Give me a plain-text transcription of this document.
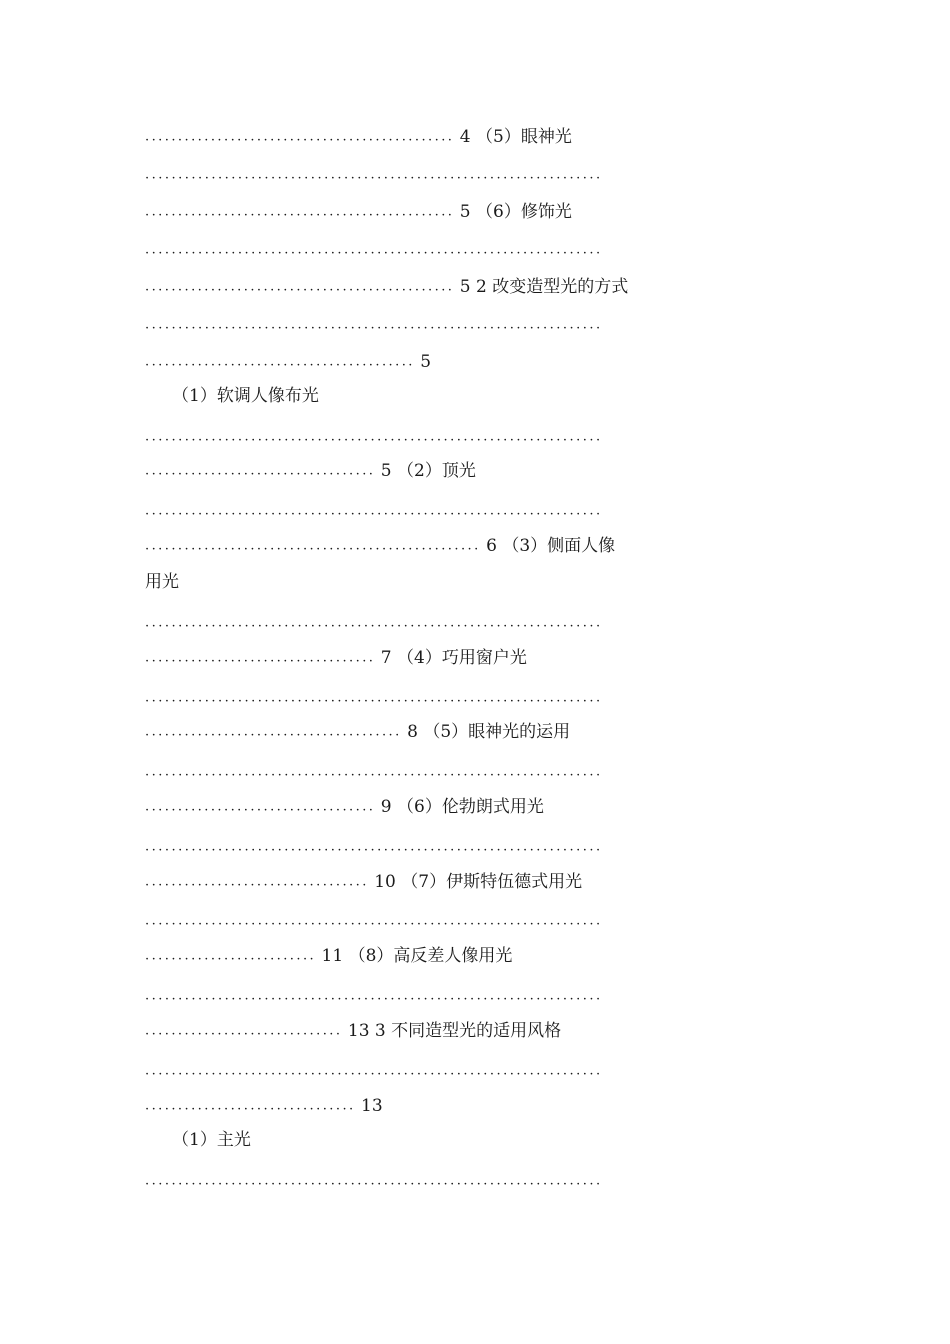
............................................... 4 （5）眼神光
.....................................................................
............................................... 5 （6）修饰光
.....................................................................
............................................... 5 2 改变造型光的方式
.....................................................................
......................................... 5
（1）软调人像布光
.....................................................................
................................... 5 （2）顶光
.....................................................................
................................................... 6 （3）侧面人像
用光
.....................................................................
................................... 7 （4）巧用窗户光
.....................................................................
....................................... 8 （5）眼神光的运用
.....................................................................
................................... 9 （6）伦勃朗式用光
.....................................................................
.................................. 10 （7）伊斯特伍德式用光
.....................................................................
.......................... 11 （8）高反差人像用光
.....................................................................
.............................. 13 3 不同造型光的适用风格
.....................................................................
................................ 13
（1）主光
.....................................................................
